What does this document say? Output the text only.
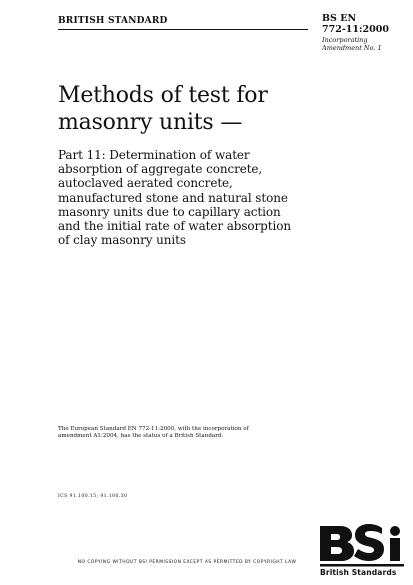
BRITISH STANDARD	BS EN
772-11:2000
Incorporating
Amendment No. 1
Methods of test for
masonry units —
Part 11: Determination of water
absorption of aggregate concrete,
autoclaved aerated concrete,
manufactured stone and natural stone
masonry units due to capillary action
and the initial rate of water absorption
of clay masonry units
The European Standard EN 772-11:2000, with the incorporation of
amendment A1:2004, has the status of a British Standard.
ICS 91.100.15; 91.100.30
NO COPYING WITHOUT BSI PERMISSION EXCEPT AS PERMITTED BY COPYRIGHT LAW
British Standards
